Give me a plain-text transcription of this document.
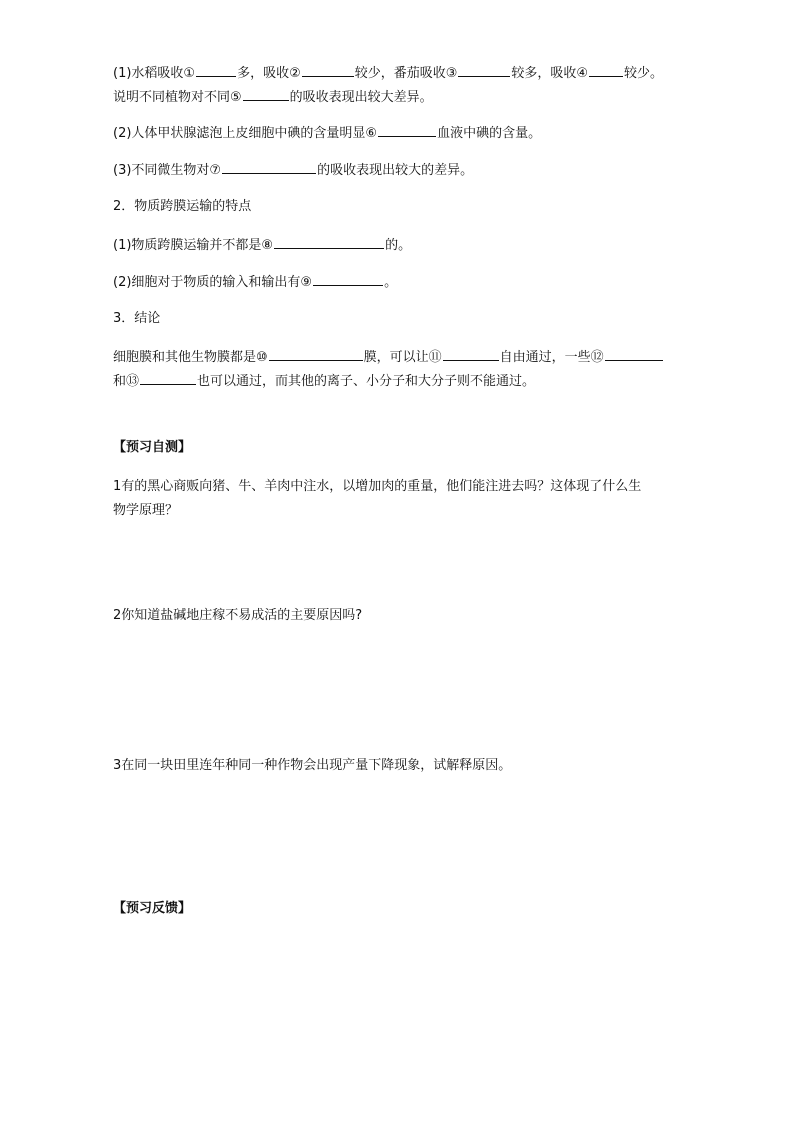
(1)水稻吸收①	多，吸收②	较少，番茄吸收③	较多，吸收④	较少。
说明不同植物对不同⑤	的吸收表现出较大差异。
(2)人体甲状腺滤泡上皮细胞中碘的含量明显⑥	血液中碘的含量。
(3)不同微生物对⑦	的吸收表现出较大的差异。
2．物质跨膜运输的特点
(1)物质跨膜运输并不都是⑧	的。
(2)细胞对于物质的输入和输出有⑨	。
3．结论
细胞膜和其他生物膜都是⑩	膜，可以让⑪	自由通过，一些⑫
和⑬	也可以通过，而其他的离子、小分子和大分子则不能通过。
【预习自测】
1有的黑心商贩向猪、牛、羊肉中注水，以增加肉的重量，他们能注进去吗？这体现了什么生
物学原理？
2你知道盐碱地庄稼不易成活的主要原因吗?
3在同一块田里连年种同一种作物会出现产量下降现象，试解释原因。
【预习反馈】
